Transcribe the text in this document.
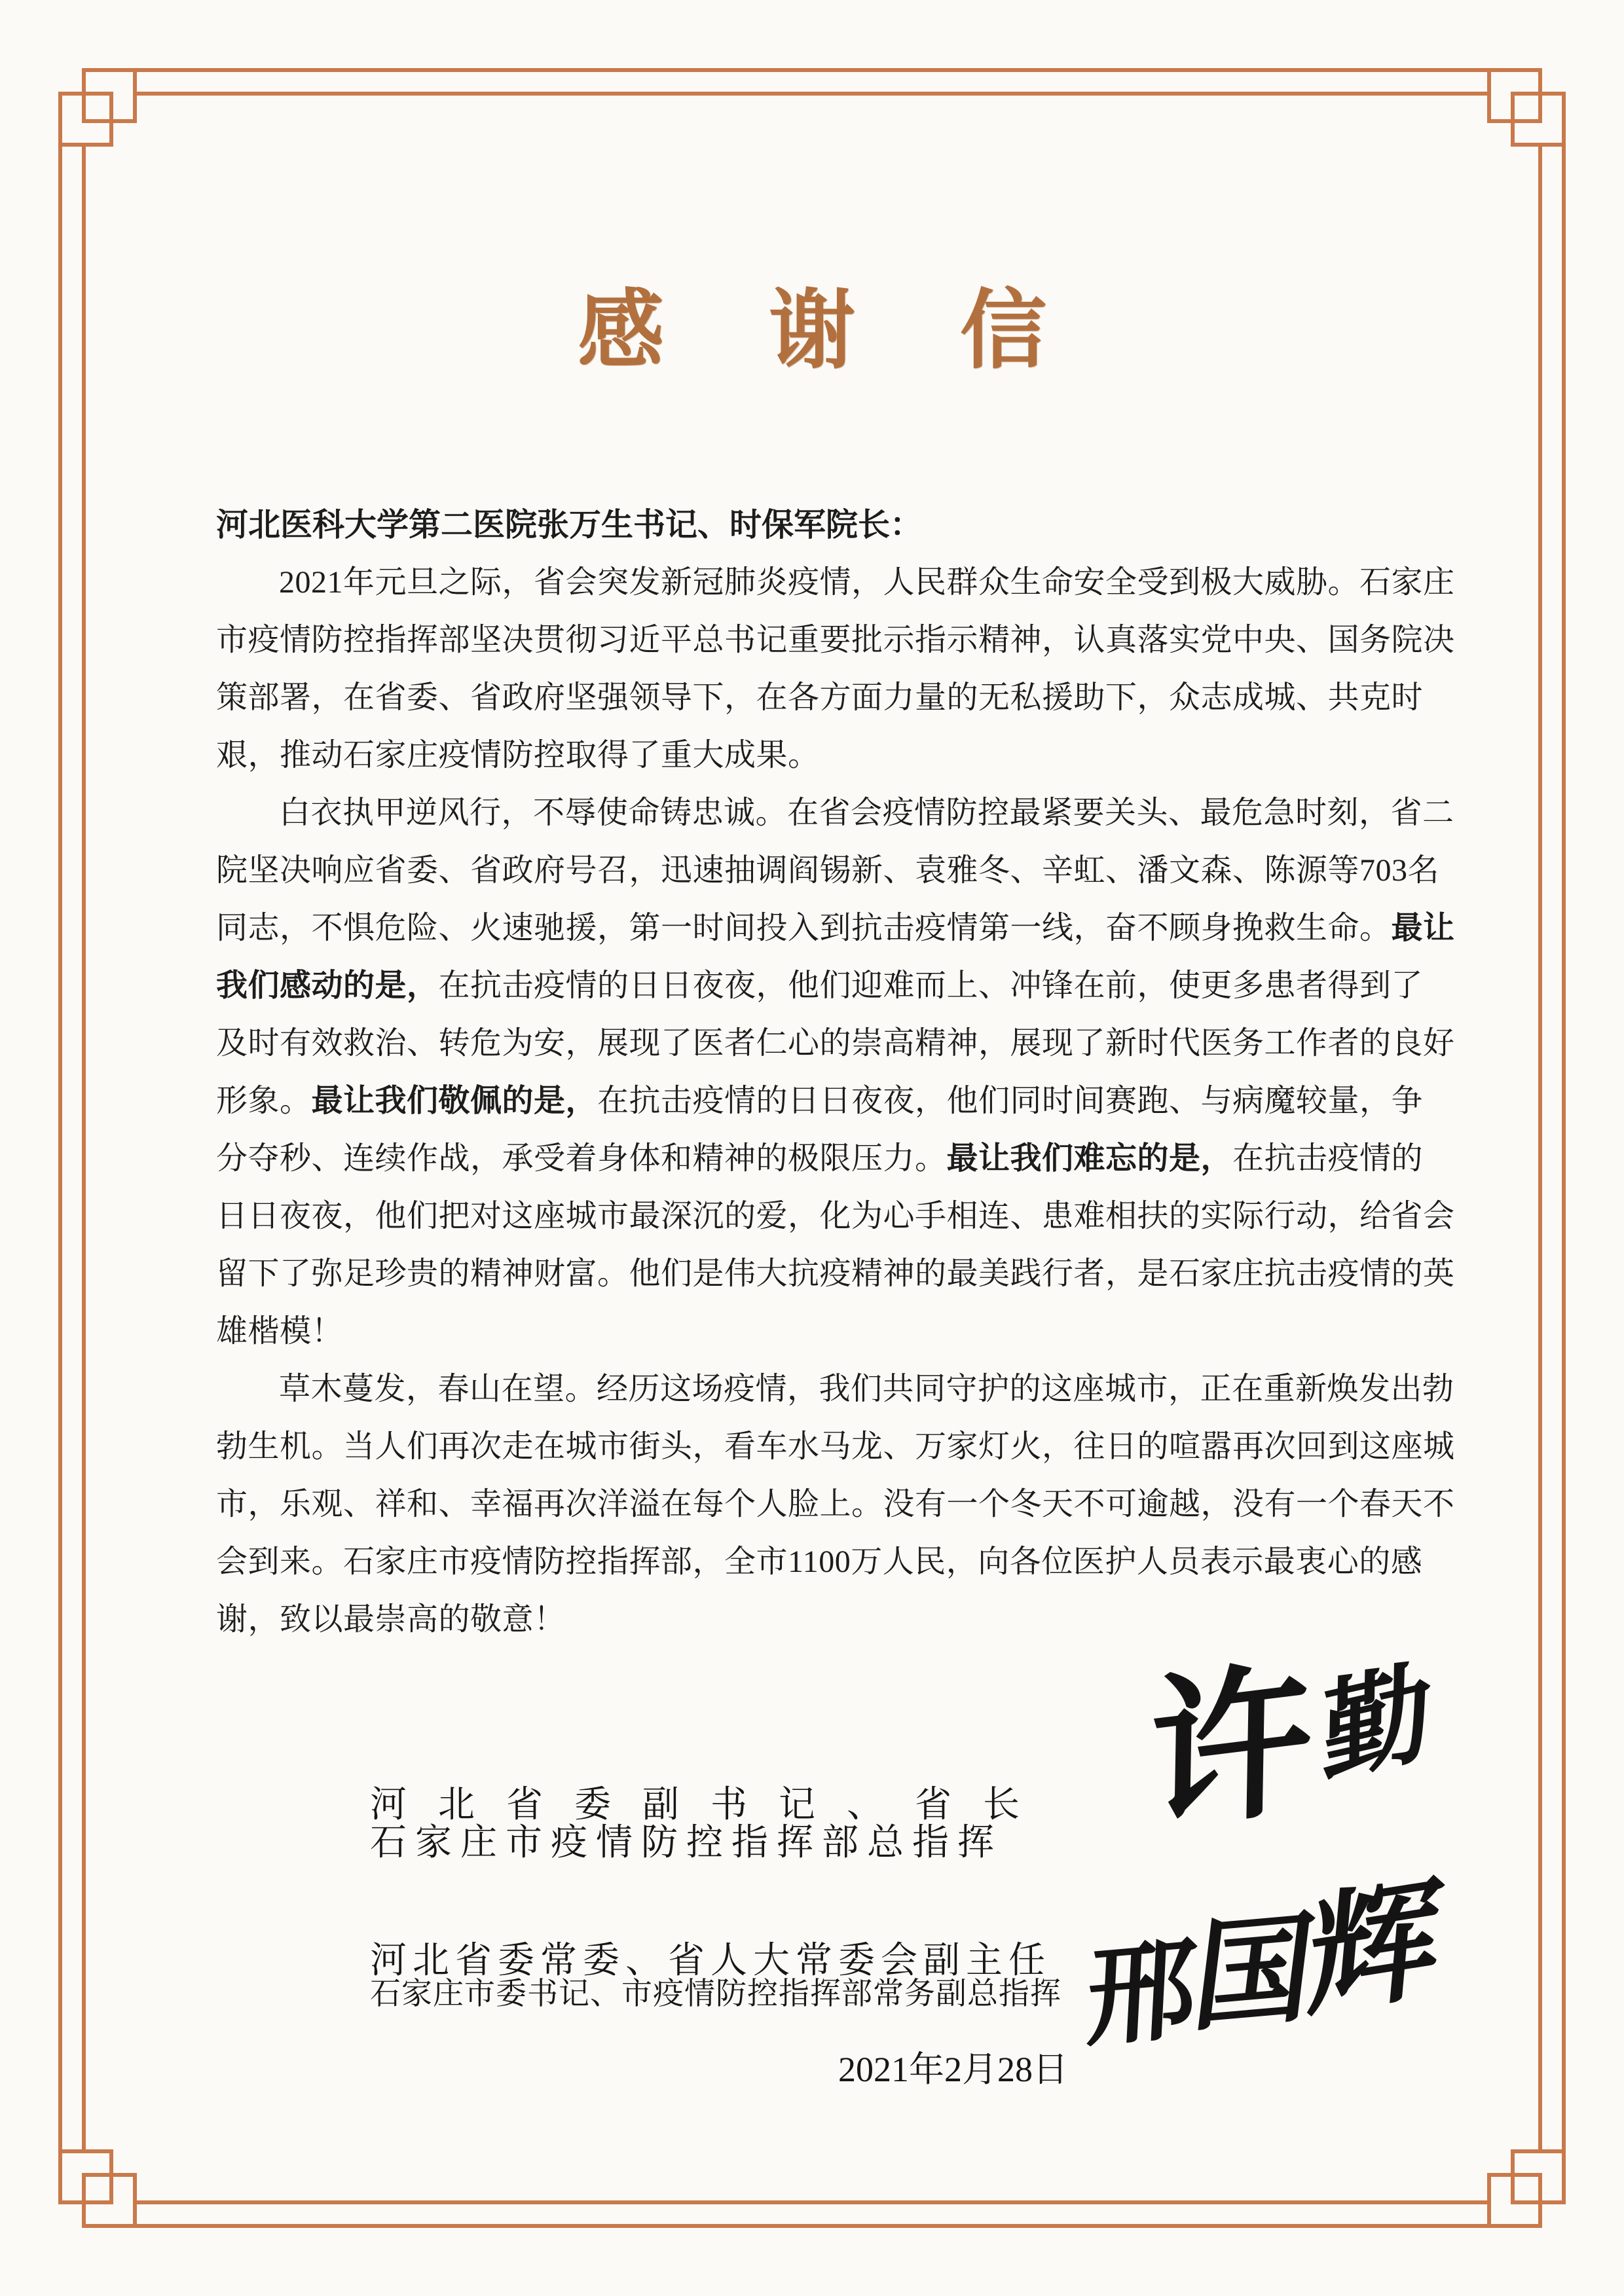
感谢信
河北医科大学第二医院张万生书记、时保军院长：
2021年元旦之际，省会突发新冠肺炎疫情，人民群众生命安全受到极大威胁。石家庄
市疫情防控指挥部坚决贯彻习近平总书记重要批示指示精神，认真落实党中央、国务院决
策部署，在省委、省政府坚强领导下，在各方面力量的无私援助下，众志成城、共克时
艰，推动石家庄疫情防控取得了重大成果。
白衣执甲逆风行，不辱使命铸忠诚。在省会疫情防控最紧要关头、最危急时刻，省二
院坚决响应省委、省政府号召，迅速抽调阎锡新、袁雅冬、辛虹、潘文森、陈源等703名
同志，不惧危险、火速驰援，第一时间投入到抗击疫情第一线，奋不顾身挽救生命。最让
我们感动的是，在抗击疫情的日日夜夜，他们迎难而上、冲锋在前，使更多患者得到了
及时有效救治、转危为安，展现了医者仁心的崇高精神，展现了新时代医务工作者的良好
形象。最让我们敬佩的是，在抗击疫情的日日夜夜，他们同时间赛跑、与病魔较量，争
分夺秒、连续作战，承受着身体和精神的极限压力。最让我们难忘的是，在抗击疫情的
日日夜夜，他们把对这座城市最深沉的爱，化为心手相连、患难相扶的实际行动，给省会
留下了弥足珍贵的精神财富。他们是伟大抗疫精神的最美践行者，是石家庄抗击疫情的英
雄楷模！
草木蔓发，春山在望。经历这场疫情，我们共同守护的这座城市，正在重新焕发出勃
勃生机。当人们再次走在城市街头，看车水马龙、万家灯火，往日的喧嚣再次回到这座城
市，乐观、祥和、幸福再次洋溢在每个人脸上。没有一个冬天不可逾越，没有一个春天不
会到来。石家庄市疫情防控指挥部，全市1100万人民，向各位医护人员表示最衷心的感
谢，致以最崇高的敬意！
河北省委副书记、省长
石家庄市疫情防控指挥部总指挥
河北省委常委、省人大常委会副主任
石家庄市委书记、市疫情防控指挥部常务副总指挥
许 勤
邢
国
辉
2021年2月28日
